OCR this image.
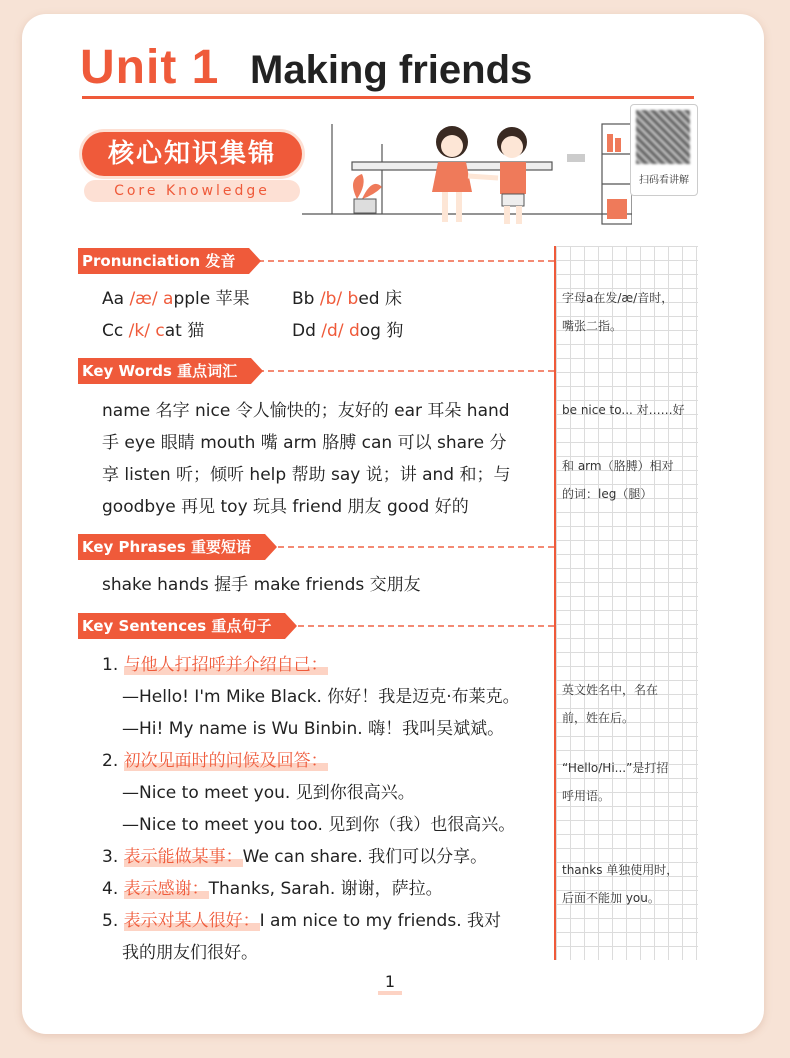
Unit 1 Making friends
核心知识集锦
Core Knowledge
扫码看讲解
字母a在发/æ/音时，
嘴张二指。
be nice to... 对……好
和 arm（胳膊）相对
的词：leg（腿）
英文姓名中，名在
前，姓在后。
“Hello/Hi...”是打招
呼用语。
thanks 单独使用时，
后面不能加 you。
Pronunciation 发音
Aa /æ/ apple 苹果 Bb /b/ bed 床
Cc /k/ cat 猫	Dd /d/ dog 狗
Key Words 重点词汇
name 名字 nice 令人愉快的；友好的 ear 耳朵 hand
手 eye 眼睛 mouth 嘴 arm 胳膊 can 可以 share 分
享 listen 听；倾听 help 帮助 say 说；讲 and 和；与
goodbye 再见 toy 玩具 friend 朋友 good 好的
Key Phrases 重要短语
shake hands 握手 make friends 交朋友
Key Sentences 重点句子
1. 与他人打招呼并介绍自己：
—Hello! I'm Mike Black. 你好！我是迈克·布莱克。
—Hi! My name is Wu Binbin. 嗨！我叫吴斌斌。
2. 初次见面时的问候及回答：
—Nice to meet you. 见到你很高兴。
—Nice to meet you too. 见到你（我）也很高兴。
3. 表示能做某事：We can share. 我们可以分享。
4. 表示感谢：Thanks, Sarah. 谢谢，萨拉。
5. 表示对某人很好：I am nice to my friends. 我对
我的朋友们很好。
1
